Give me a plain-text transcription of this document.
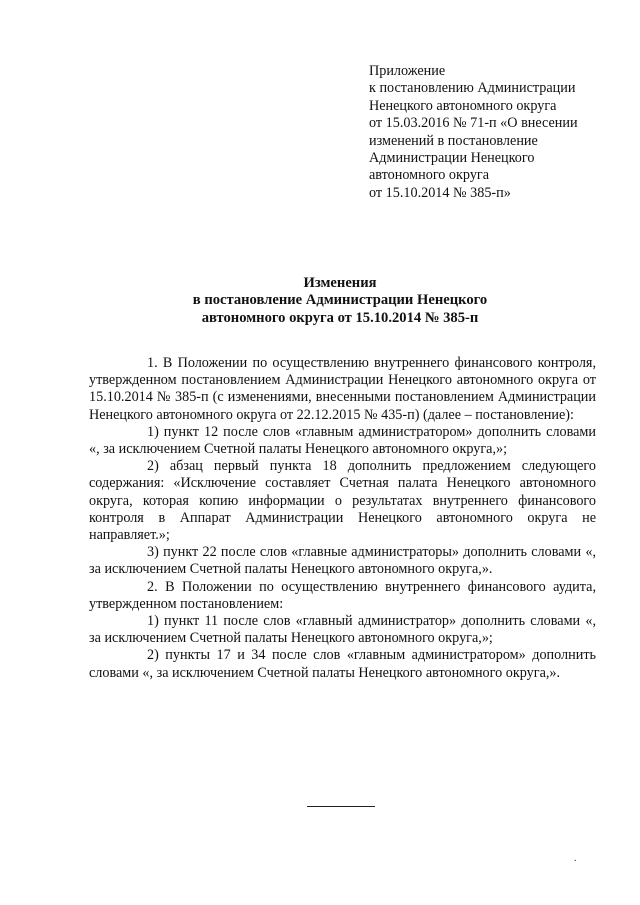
Приложение
к постановлению Администрации
Ненецкого автономного округа
от 15.03.2016 № 71-п «О внесении
изменений в постановление
Администрации Ненецкого
автономного округа
от 15.10.2014 № 385-п»
Изменения
в постановление Администрации Ненецкого
автономного округа от 15.10.2014 № 385-п

1. В Положении по осуществлению внутреннего финансового контроля, утвержденном постановлением Администрации Ненецкого автономного округа от 15.10.2014 № 385-п (с изменениями, внесенными постановлением Администрации Ненецкого автономного округа от 22.12.2015 № 435-п) (далее – постановление):

1) пункт 12 после слов «главным администратором» дополнить словами «, за исключением Счетной палаты Ненецкого автономного округа,»;

2) абзац первый пункта 18 дополнить предложением следующего содержания: «Исключение составляет Счетная палата Ненецкого автономного округа, которая копию информации о результатах внутреннего финансового контроля в Аппарат Администрации Ненецкого автономного округа не направляет.»;

3) пункт 22 после слов «главные администраторы» дополнить словами «, за исключением Счетной палаты Ненецкого автономного округа,».

2. В Положении по осуществлению внутреннего финансового аудита, утвержденном постановлением:

1) пункт 11 после слов «главный администратор» дополнить словами «, за исключением Счетной палаты Ненецкого автономного округа,»;

2) пункты 17 и 34 после слов «главным администратором» дополнить словами «, за исключением Счетной палаты Ненецкого автономного округа,».

.
